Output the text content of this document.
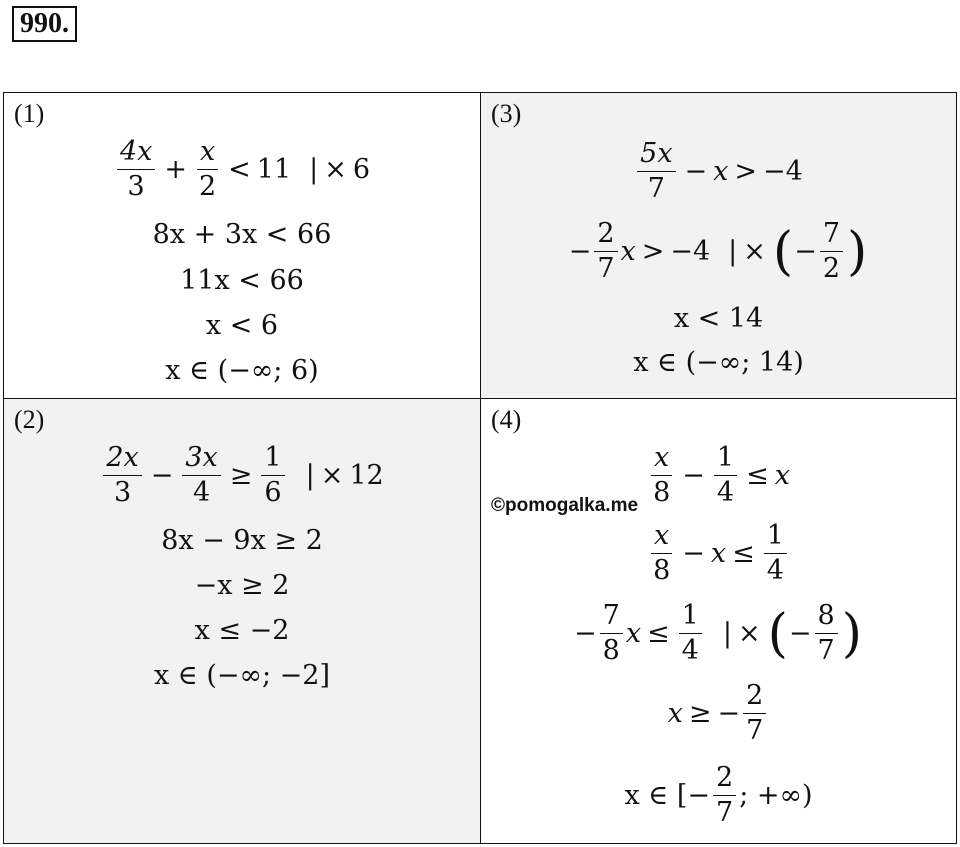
990.
(1)
$\frac{4x}{3} + \frac{x}{2} < 11$ | × 6
8x + 3x < 66
11x < 66
x < 6
x ∈ (−∞; 6)
(3)
$\frac{5x}{7} - x > -4$
− $\frac{2}{7}$ x > −4 | × ( − $\frac{7}{2}$ )
x < 14
x ∈ (−∞; 14)
(2)
$\frac{2x}{3} - \frac{3x}{4} \ge \frac{1}{6}$ | × 12
8x − 9x ≥ 2
−x ≥ 2
x ≤ −2
x ∈ (−∞; −2]
(4)
©pomogalka.me $\frac{x}{8} - \frac{1}{4} \le x$
$\frac{x}{8} - x \le \frac{1}{4}$
− $\frac{7}{8}$ $x \le \frac{1}{4}$ | × ( − $\frac{8}{7}$ )
x ≥ − $\frac{2}{7}$
x ∈ [− $\frac{2}{7}$ ; +∞)
